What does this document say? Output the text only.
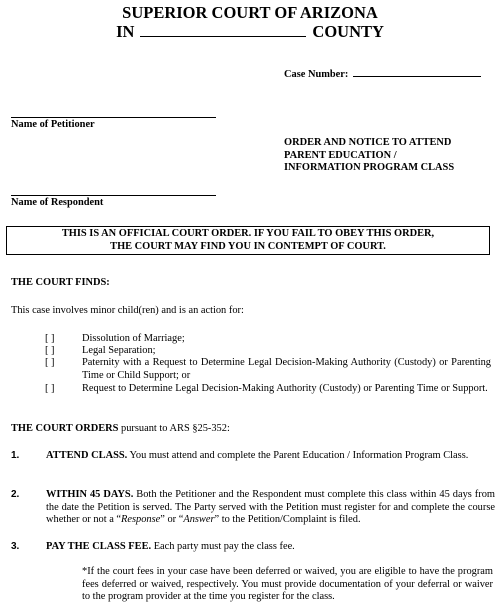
SUPERIOR COURT OF ARIZONA
IN	COUNTY
Case Number:
Name of Petitioner
ORDER AND NOTICE TO ATTEND
PARENT EDUCATION /
INFORMATION PROGRAM CLASS
Name of Respondent
THIS IS AN OFFICIAL COURT ORDER. IF YOU FAIL TO OBEY THIS ORDER,
THE COURT MAY FIND YOU IN CONTEMPT OF COURT.
THE COURT FINDS:
This case involves minor child(ren) and is an action for:
[ ]	Dissolution of Marriage;
[ ]	Legal Separation;
[ ]	Paternity with a Request to Determine Legal Decision-Making Authority (Custody) or Parenting Time or Child Support; or
[ ]	Request to Determine Legal Decision-Making Authority (Custody) or Parenting Time or Support.
THE COURT ORDERS pursuant to ARS §25-352:
1.	ATTEND CLASS. You must attend and complete the Parent Education / Information Program Class.
2.	WITHIN 45 DAYS. Both the Petitioner and the Respondent must complete this class within 45 days from the date the Petition is served. The Party served with the Petition must register for and complete the course whether or not a “Response” or “Answer” to the Petition/Complaint is filed.
3.	PAY THE CLASS FEE. Each party must pay the class fee.
*If the court fees in your case have been deferred or waived, you are eligible to have the program fees deferred or waived, respectively. You must provide documentation of your deferral or waiver to the program provider at the time you register for the class.
